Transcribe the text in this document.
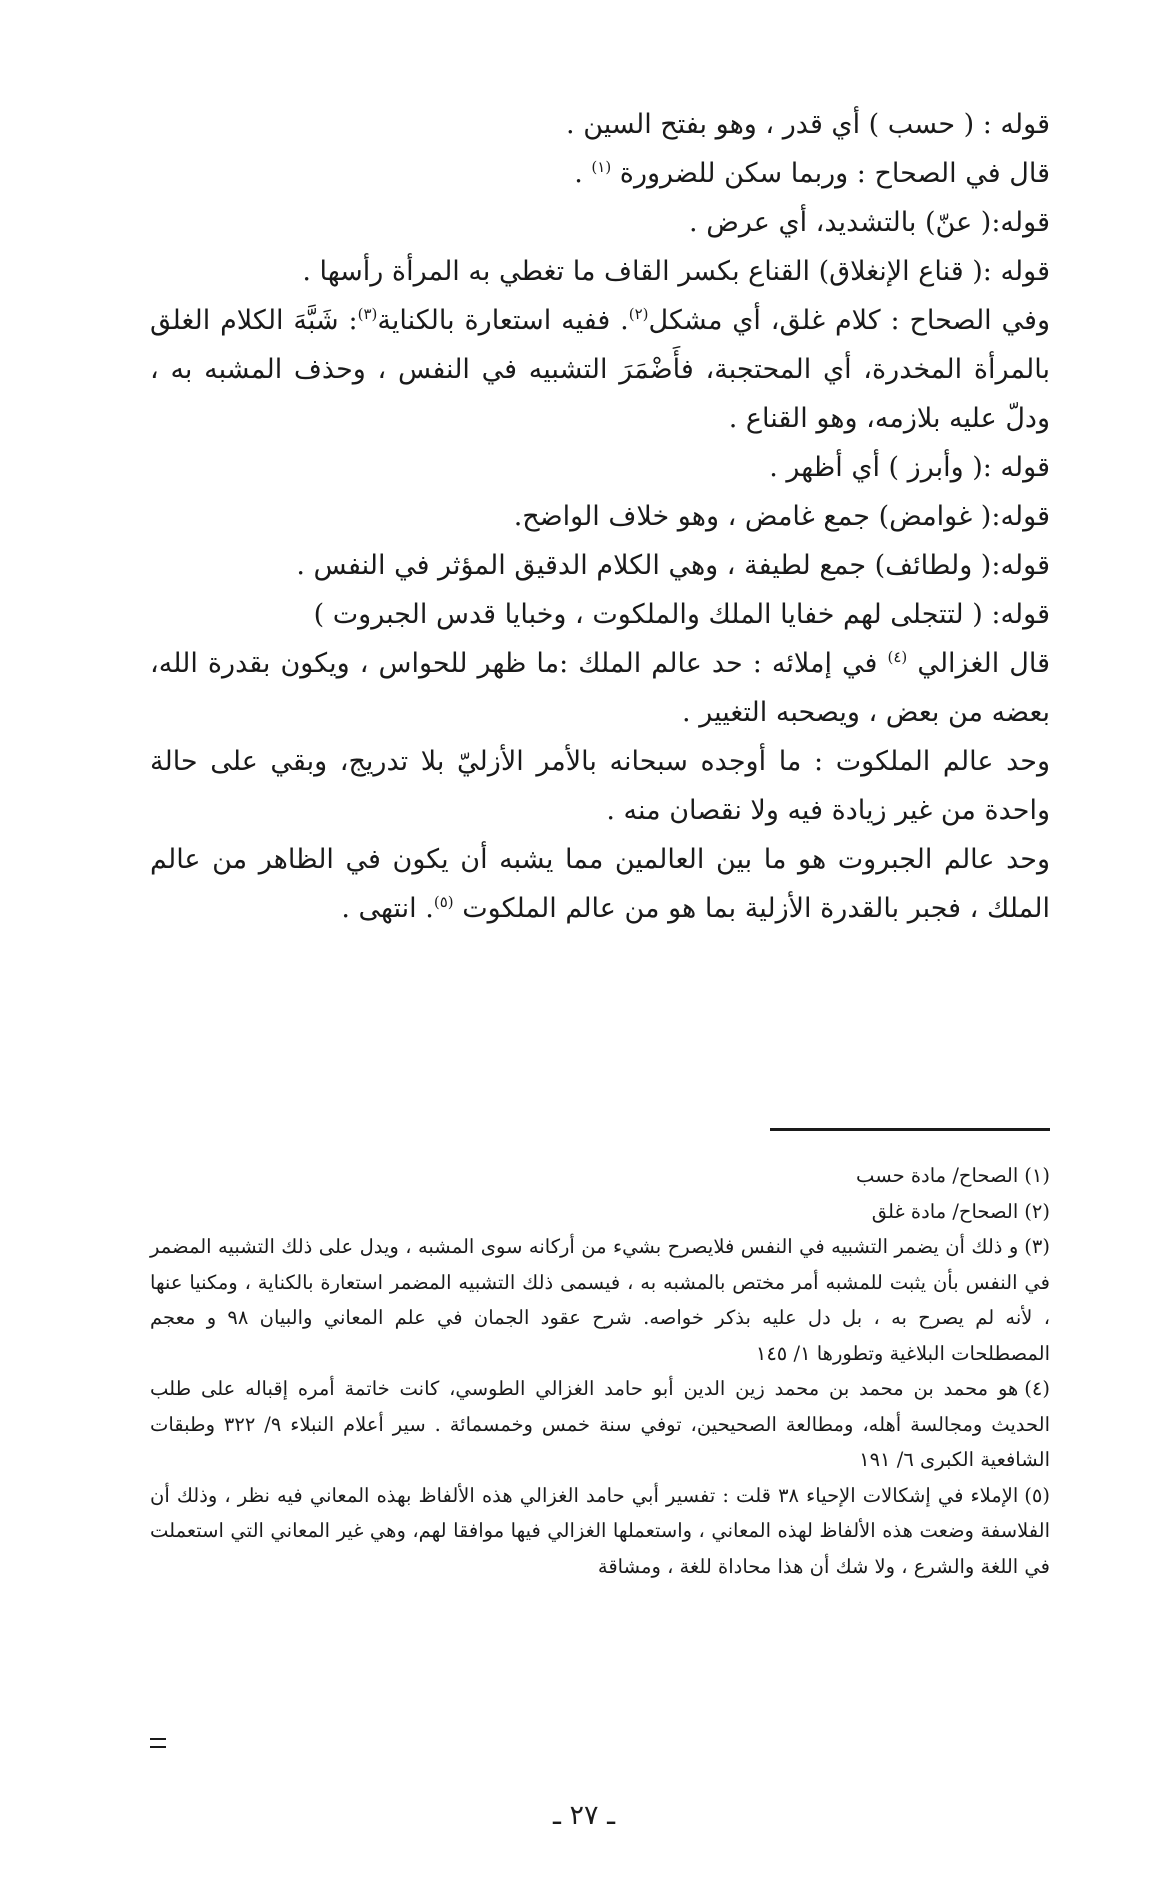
قوله : ( حسب ) أي قدر ، وهو بفتح السين .

قال في الصحاح : وربما سكن للضرورة $^{(١)}$ .

قوله:( عنّ) بالتشديد، أي عرض .

قوله :( قناع الإنغلاق) القناع بكسر القاف ما تغطي به المرأة رأسها .

وفي الصحاح : كلام غلق، أي مشكل$^{(٢)}$. ففيه استعارة بالكناية$^{(٣)}$: شَبَّهَ الكلام الغلق بالمرأة المخدرة، أي المحتجبة، فأَضْمَرَ التشبيه في النفس ، وحذف المشبه به ، ودلّ عليه بلازمه، وهو القناع .

قوله :( وأبرز ) أي أظهر .

قوله:( غوامض) جمع غامض ، وهو خلاف الواضح.

قوله:( ولطائف) جمع لطيفة ، وهي الكلام الدقيق المؤثر في النفس .

قوله: ( لتتجلى لهم خفايا الملك والملكوت ، وخبايا قدس الجبروت )

قال الغزالي $^{(٤)}$ في إملائه : حد عالم الملك :ما ظهر للحواس ، ويكون بقدرة الله، بعضه من بعض ، ويصحبه التغيير .

وحد عالم الملكوت : ما أوجده سبحانه بالأمر الأزليّ بلا تدريج، وبقي على حالة واحدة من غير زيادة فيه ولا نقصان منه .

وحد عالم الجبروت هو ما بين العالمين مما يشبه أن يكون في الظاهر من عالم الملك ، فجبر بالقدرة الأزلية بما هو من عالم الملكوت $^{(٥)}$. انتهى .

(١)الصحاح/ مادة حسب

(٢)الصحاح/ مادة غلق

(٣)و ذلك أن يضمر التشبيه في النفس فلايصرح بشيء من أركانه سوى المشبه ، ويدل على ذلك التشبيه المضمر في النفس بأن يثبت للمشبه أمر مختص بالمشبه به ، فيسمى ذلك التشبيه المضمر استعارة بالكناية ، ومكنيا عنها ، لأنه لم يصرح به ، بل دل عليه بذكر خواصه. شرح عقود الجمان في علم المعاني والبيان ٩٨ و معجم المصطلحات البلاغية وتطورها ١/ ١٤٥

(٤)هو محمد بن محمد بن محمد زين الدين أبو حامد الغزالي الطوسي، كانت خاتمة أمره إقباله على طلب الحديث ومجالسة أهله، ومطالعة الصحيحين، توفي سنة خمس وخمسمائة . سير أعلام النبلاء ٩/ ٣٢٢ وطبقات الشافعية الكبرى ٦/ ١٩١

(٥)الإملاء في إشكالات الإحياء ٣٨ قلت : تفسير أبي حامد الغزالي هذه الألفاظ بهذه المعاني فيه نظر ، وذلك أن الفلاسفة وضعت هذه الألفاظ لهذه المعاني ، واستعملها الغزالي فيها موافقا لهم، وهي غير المعاني التي استعملت في اللغة والشرع ، ولا شك أن هذا محاداة للغة ، ومشاقة

ـ ٢٧ ـ
